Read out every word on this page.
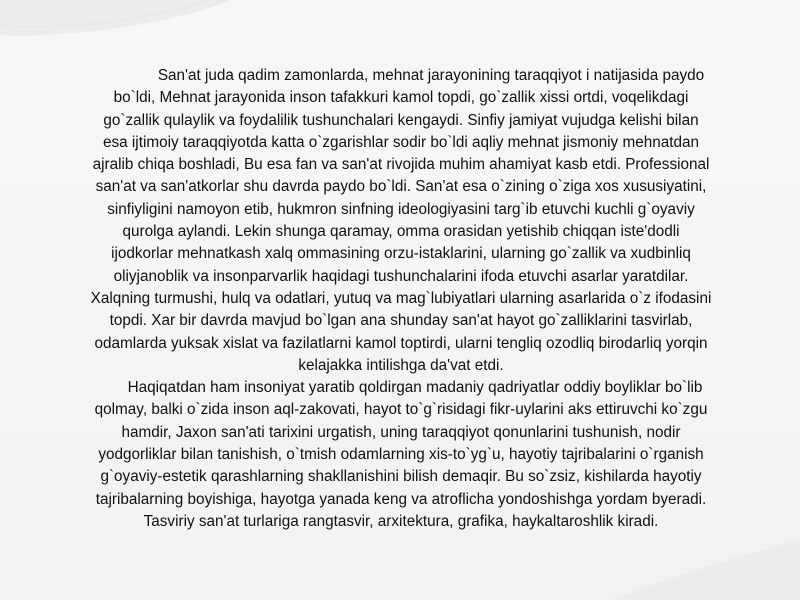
San'at juda qadim zamonlarda, mehnat jarayonining taraqqiyot i natijasida paydo
bo`ldi, Mehnat jarayonida inson tafakkuri kamol topdi, go`zallik xissi ortdi, voqelikdagi
go`zallik qulaylik va foydalilik tushunchalari kengaydi. Sinfiy jamiyat vujudga kelishi bilan
esa ijtimoiy taraqqiyotda katta o`zgarishlar sodir bo`ldi aqliy mehnat jismoniy mehnatdan
ajralib chiqa boshladi, Bu esa fan va san'at rivojida muhim ahamiyat kasb etdi. Professional
san'at va san'atkorlar shu davrda paydo bo`ldi. San'at esa o`zining o`ziga xos xususiyatini,
sinfiyligini namoyon etib, hukmron sinfning ideologiyasini targ`ib etuvchi kuchli g`oyaviy
qurolga aylandi. Lekin shunga qaramay, omma orasidan yetishib chiqqan iste'dodli
ijodkorlar mehnatkash xalq ommasining orzu-istaklarini, ularning go`zallik va xudbinliq
oliyjanoblik va insonparvarlik haqidagi tushunchalarini ifoda etuvchi asarlar yaratdilar.
Xalqning turmushi, hulq va odatlari, yutuq va mag`lubiyatlari ularning asarlarida o`z ifodasini
topdi. Xar bir davrda mavjud bo`lgan ana shunday san'at hayot go`zalliklarini tasvirlab,
odamlarda yuksak xislat va fazilatlarni kamol toptirdi, ularni tengliq ozodliq birodarliq yorqin
kelajakka intilishga da'vat etdi.

Haqiqatdan ham insoniyat yaratib qoldirgan madaniy qadriyatlar oddiy boyliklar bo`lib
qolmay, balki o`zida inson aql-zakovati, hayot to`g`risidagi fikr-uylarini aks ettiruvchi ko`zgu
hamdir, Jaxon san'ati tarixini urgatish, uning taraqqiyot qonunlarini tushunish, nodir
yodgorliklar bilan tanishish, o`tmish odamlarning xis-to`yg`u, hayotiy tajribalarini o`rganish
g`oyaviy-estetik qarashlarning shakllanishini bilish demaqir. Bu so`zsiz, kishilarda hayotiy
tajribalarning boyishiga, hayotga yanada keng va atroflicha yondoshishga yordam byeradi.
Tasviriy san'at turlariga rangtasvir, arxitektura, grafika, haykaltaroshlik kiradi.
